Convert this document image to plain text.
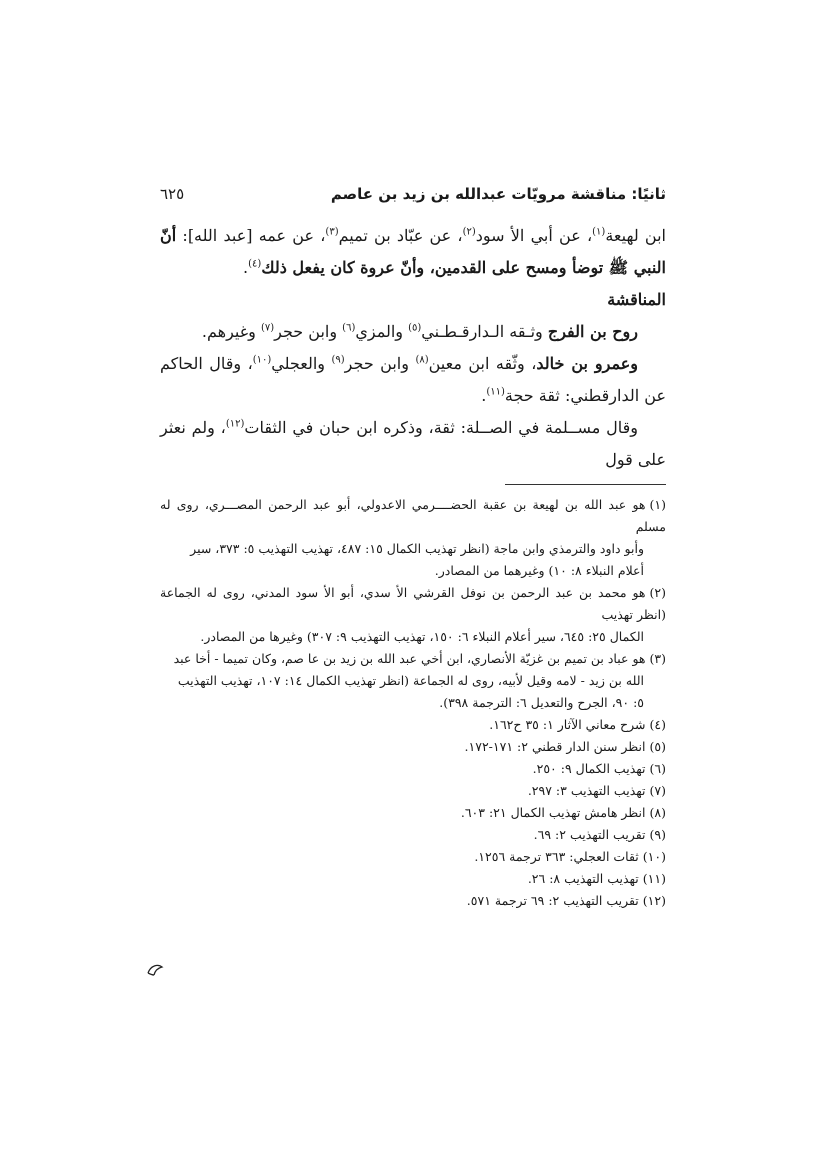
ثانيًا: مناقشة مرويّات عبدالله بن زيد بن عاصم
٦٢٥

ابن لهيعة$^{(١)}$، عن أبي الأ سود$^{(٢)}$، عن عبّاد بن تميم$^{(٣)}$، عن عمه [عبد الله]: أنّ النبي ﷺ توضأ ومسح على القدمين، وأنّ عروة كان يفعل ذلك$^{(٤)}$.

المناقشة

روح بن الفرج وثـقه الـدارقـطـني$^{(٥)}$ والمزي$^{(٦)}$ وابن حجر$^{(٧)}$ وغيرهم.

وعمرو بن خالد، وثّقه ابن معين$^{(٨)}$ وابن حجر$^{(٩)}$ والعجلي$^{(١٠)}$، وقال الحاكم عن الدارقطني: ثقة حجة$^{(١١)}$.

وقال مســلمة في الصــلة: ثقة، وذكره ابن حبان في الثقات$^{(١٢)}$، ولم نعثر على قول

(١)هو عبد الله بن لهيعة بن عقبة الحضــــرمي الاعدولي، أبو عبد الرحمن المصـــري، روى له مسلم

وأبو داود والترمذي وابن ماجة (انظر تهذيب الكمال ١٥: ٤٨٧، تهذيب التهذيب ٥: ٣٧٣، سير

أعلام النبلاء ٨: ١٠) وغيرهما من المصادر.

(٢)هو محمد بن عبد الرحمن بن نوفل القرشي الأ سدي، أبو الأ سود المدني، روى له الجماعة (انظر تهذيب

الكمال ٢٥: ٦٤٥، سير أعلام النبلاء ٦: ١٥٠، تهذيب التهذيب ٩: ٣٠٧) وغيرها من المصادر.

(٣)هو عباد بن تميم بن غزيّة الأنصاري، ابن أخي عبد الله بن زيد بن عا صم، وكان تميما - أخا عبد

الله بن زيد - لامه وقيل لأبيه، روى له الجماعة (انظر تهذيب الكمال ١٤: ١٠٧، تهذيب التهذيب

٥: ٩٠، الجرح والتعديل ٦: الترجمة ٣٩٨).

(٤)شرح معاني الآثار ١: ٣٥ ح١٦٢.

(٥)انظر سنن الدار قطني ٢: ١٧١-١٧٢.

(٦)تهذيب الكمال ٩: ٢٥٠.

(٧)تهذيب التهذيب ٣: ٢٩٧.

(٨)انظر هامش تهذيب الكمال ٢١: ٦٠٣.

(٩)تقريب التهذيب ٢: ٦٩.

(١٠)ثقات العجلي: ٣٦٣ ترجمة ١٢٥٦.

(١١)تهذيب التهذيب ٨: ٢٦.

(١٢)تقريب التهذيب ٢: ٦٩ ترجمة ٥٧١.
